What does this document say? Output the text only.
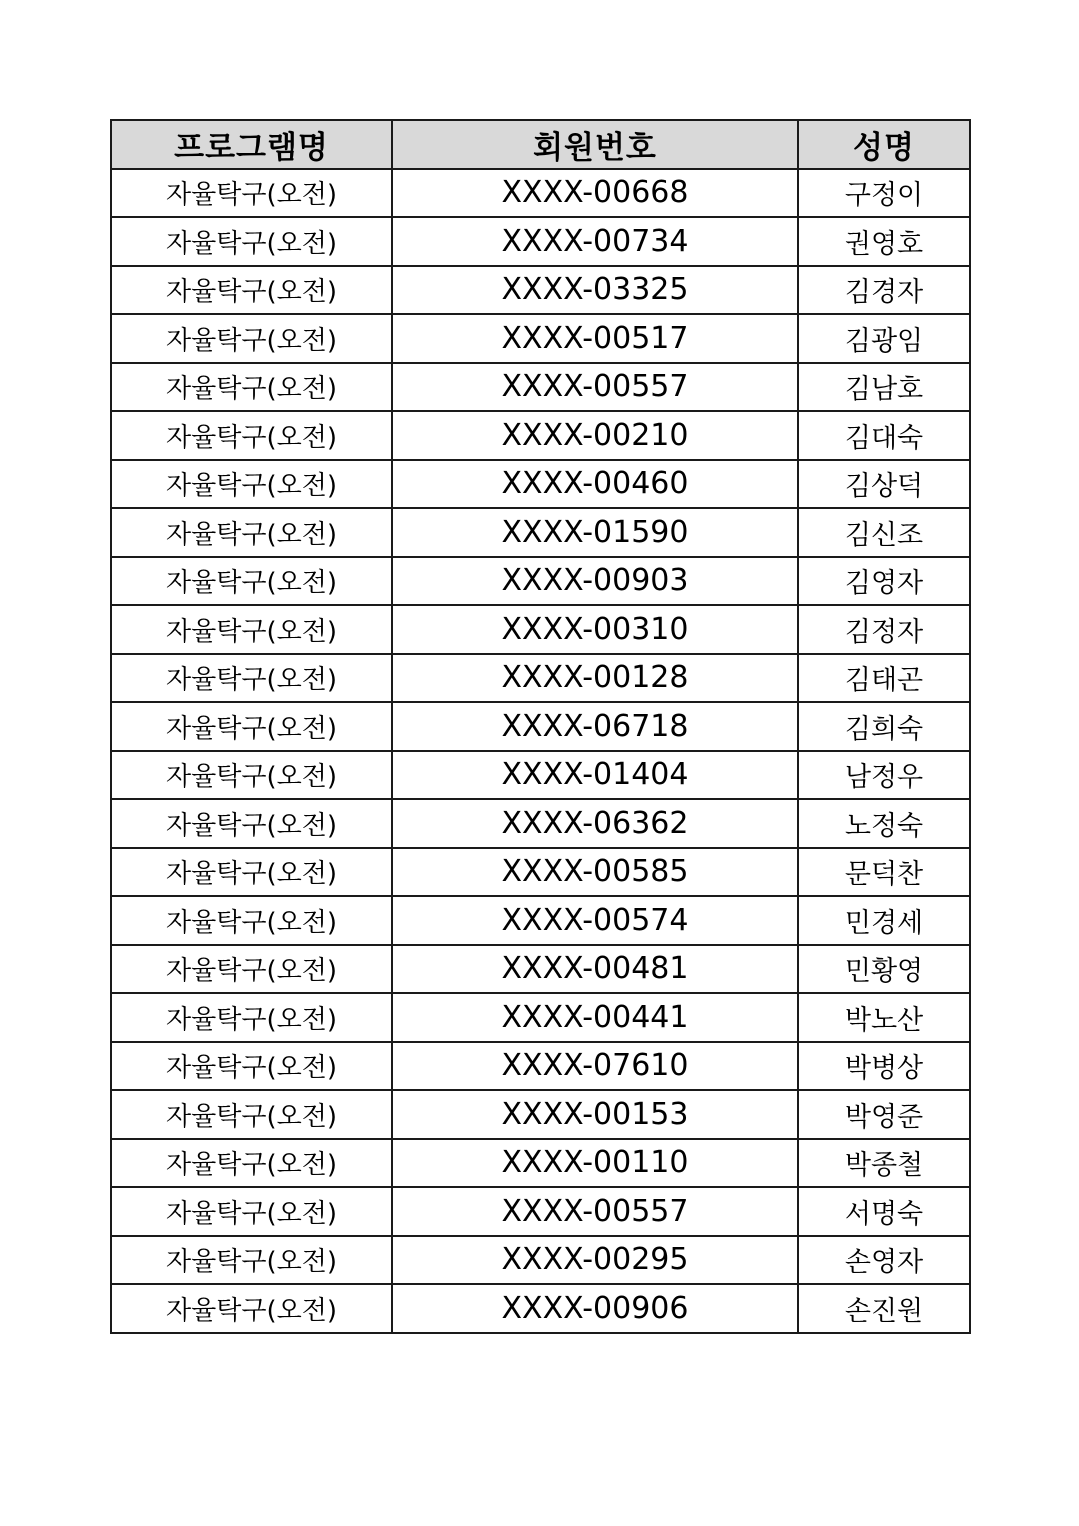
프로그램명	회원번호	성명
자율탁구(오전)	XXXX-00668	구정이
자율탁구(오전)	XXXX-00734	권영호
자율탁구(오전)	XXXX-03325	김경자
자율탁구(오전)	XXXX-00517	김광임
자율탁구(오전)	XXXX-00557	김남호
자율탁구(오전)	XXXX-00210	김대숙
자율탁구(오전)	XXXX-00460	김상덕
자율탁구(오전)	XXXX-01590	김신조
자율탁구(오전)	XXXX-00903	김영자
자율탁구(오전)	XXXX-00310	김정자
자율탁구(오전)	XXXX-00128	김태곤
자율탁구(오전)	XXXX-06718	김희숙
자율탁구(오전)	XXXX-01404	남정우
자율탁구(오전)	XXXX-06362	노정숙
자율탁구(오전)	XXXX-00585	문덕찬
자율탁구(오전)	XXXX-00574	민경세
자율탁구(오전)	XXXX-00481	민황영
자율탁구(오전)	XXXX-00441	박노산
자율탁구(오전)	XXXX-07610	박병상
자율탁구(오전)	XXXX-00153	박영준
자율탁구(오전)	XXXX-00110	박종철
자율탁구(오전)	XXXX-00557	서명숙
자율탁구(오전)	XXXX-00295	손영자
자율탁구(오전)	XXXX-00906	손진원
